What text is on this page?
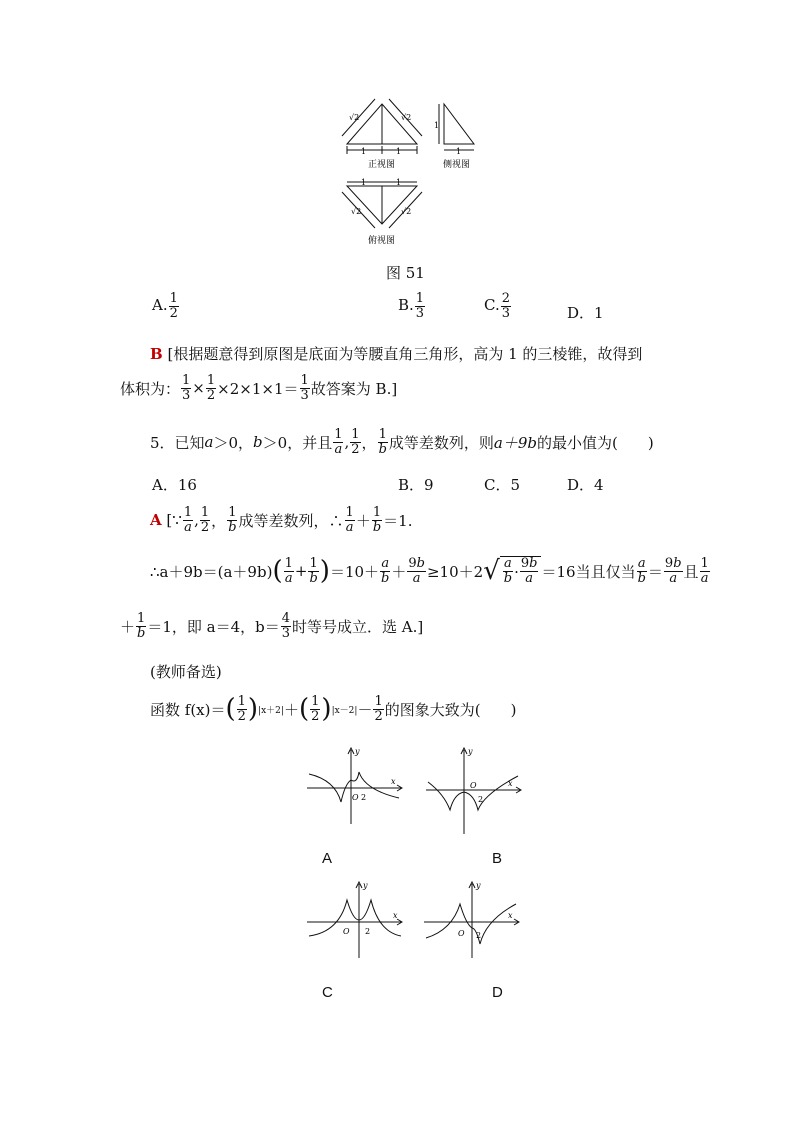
1	1
√2	√2
正视图
1
1
侧视图
1	1
√2	√2
俯视图
图 51
A. $\frac{1}{2}$	B. $\frac{1}{3}$	C. $\frac{2}{3}$	D．1
B [根据题意得到原图是底面为等腰直角三角形，高为 1 的三棱锥，故得到
体积为： $\frac{1}{3} \times \frac{1}{2} \times 2\times 1\times 1= \frac{1}{3}$ 故答案为 B.]
5．已知 a ＞0， b ＞0，并且 $\frac{1}{a}$ , $\frac{1}{2}$ ， $\frac{1}{b}$ 成等差数列，则 a＋9b 的最小值为(　　)
A．16	B．9	C．5	D．4
A
[∵ $\frac{1}{a}$ , $\frac{1}{2}$ ， $\frac{1}{b}$ 成等差数列，∴ $\frac{1}{a} + \frac{1}{b} =1$.
∴a＋9b＝(a＋9b) ( $\frac{1}{a} + \frac{1}{b}$ ) $=10+ \frac{a}{b} + \frac{9b}{a} \ge 10+2$ √ $\frac{a}{b} \cdot \frac{9b}{a} =16$当且仅当 $\frac{a}{b} = \frac{9b}{a}$ 且 $\frac{1}{a}$
＋ $\frac{1}{b} =1$，即 a＝4，$b= \frac{4}{3}$ 时等号成立．选 A.]
(教师备选)
函数 f(x)＝ ( $\frac{1}{2}$ ) |x＋2| ＋ ( $\frac{1}{2}$ ) $|x-2| - \frac{1}{2}$ 的图象大致为(　　)
x
y
O 2
A
x
y
O
2
B
x
y
O 2
C
x
y
O 2
D
